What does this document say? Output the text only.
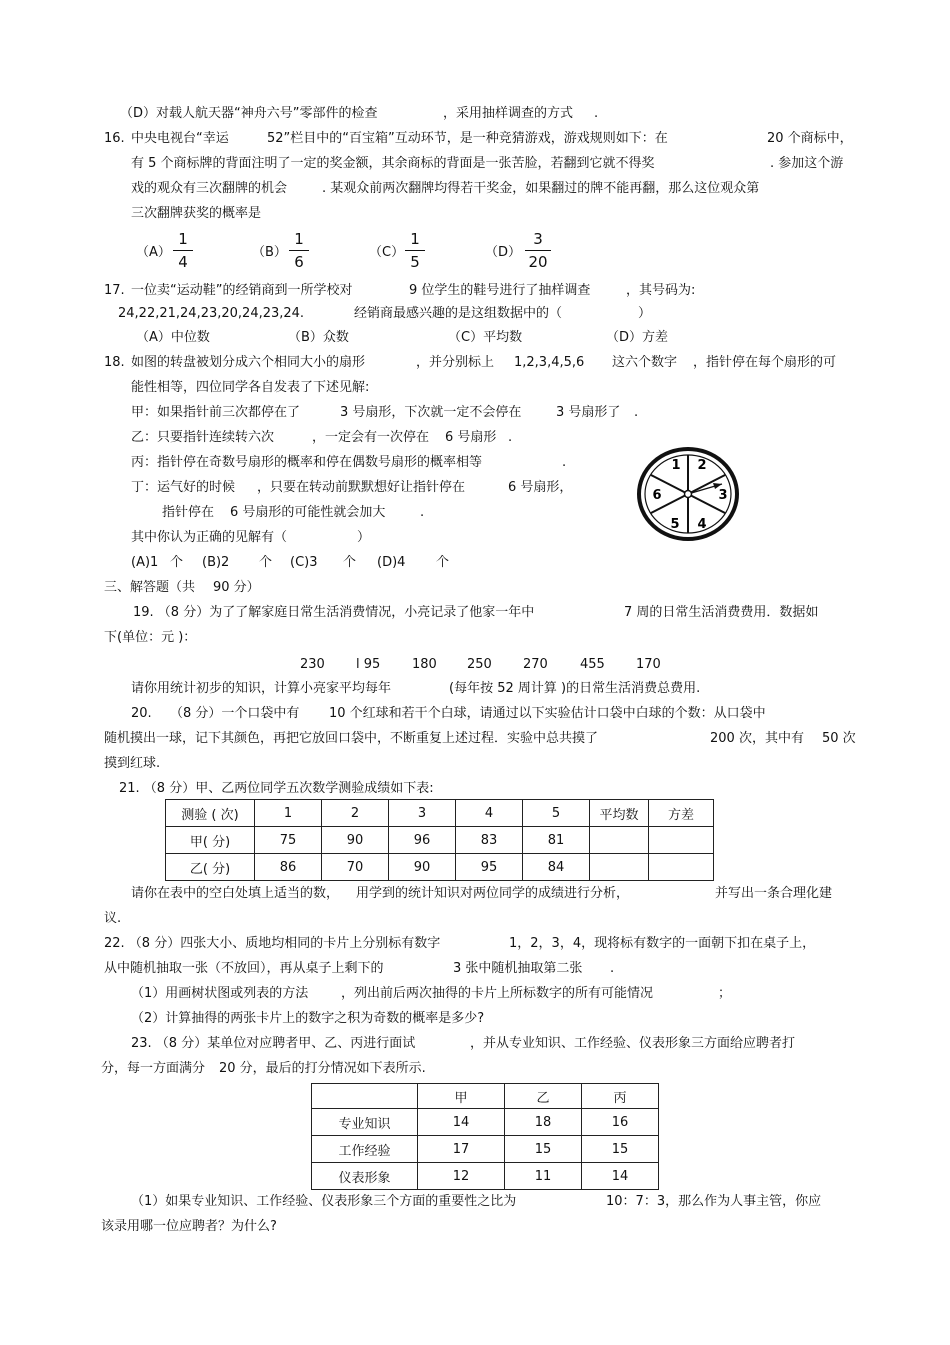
（D）对载人航天器“神舟六号”零部件的检查	，采用抽样调查的方式 .
16. 中央电视台“幸运	52”栏目中的“百宝箱”互动环节，是一种竞猜游戏，游戏规则如下：在	20 个商标中，
有 5 个商标牌的背面注明了一定的奖金额，其余商标的背面是一张苦脸，若翻到它就不得奖	. 参加这个游
戏的观众有三次翻牌的机会	. 某观众前两次翻牌均得若干奖金，如果翻过的牌不能再翻，那么这位观众第
三次翻牌获奖的概率是
（A）
1
4
（B）
1
6
（C）
1
5
（D）
3
20
17. 一位卖“运动鞋”的经销商到一所学校对	9 位学生的鞋号进行了抽样调查	，其号码为:
24,22,21,24,23,20,24,23,24.	经销商最感兴趣的是这组数据中的（	）
（A）中位数	（B）众数	（C）平均数	（D）方差
18. 如图的转盘被划分成六个相同大小的扇形	，并分别标上 1,2,3,4,5,6 这六个数字 ，指针停在每个扇形的可
能性相等，四位同学各自发表了下述见解:
甲：如果指针前三次都停在了	3 号扇形，下次就一定不会停在	3 号扇形了 .
乙：只要指针连续转六次	，一定会有一次停在 6 号扇形 .
丙：指针停在奇数号扇形的概率和停在偶数号扇形的概率相等	.
丁：运气好的时候 ，只要在转动前默默想好让指针停在	6 号扇形，
指针停在 6 号扇形的可能性就会加大	.
其中你认为正确的见解有（	）
(A)1 个 (B)2 个 (C)3 个 (D)4 个
1 2
3
4
5
6
三、解答题（共 90 分）
19. （8 分）为了了解家庭日常生活消费情况，小亮记录了他家一年中	7 周的日常生活消费费用．数据如
下(单位：元 )：
230 l 95 180 250 270 455 170
请你用统计初步的知识，计算小亮家平均每年	(每年按 52 周计算 )的日常生活消费总费用.
20. （8 分）一个口袋中有 10 个红球和若干个白球，请通过以下实验估计口袋中白球的个数：从口袋中
随机摸出一球，记下其颜色，再把它放回口袋中，不断重复上述过程．实验中总共摸了	200 次，其中有 50 次
摸到红球.
21. （8 分）甲、乙两位同学五次数学测验成绩如下表:
测验 ( 次)	1	2	3	4	5	平均数	方差
甲( 分)	75	90	96	83	81		
乙( 分)	86	70	90	95	84		
请你在表中的空白处填上适当的数， 用学到的统计知识对两位同学的成绩进行分析，	并写出一条合理化建
议.
22. （8 分）四张大小、质地均相同的卡片上分别标有数字	1，2，3，4，现将标有数字的一面朝下扣在桌子上，
从中随机抽取一张（不放回），再从桌子上剩下的	3 张中随机抽取第二张 .
（1）用画树状图或列表的方法	，列出前后两次抽得的卡片上所标数字的所有可能情况	；
（2）计算抽得的两张卡片上的数字之积为奇数的概率是多少?
23. （8 分）某单位对应聘者甲、乙、丙进行面试	，并从专业知识、工作经验、仪表形象三方面给应聘者打
分，每一方面满分 20 分，最后的打分情况如下表所示.
	甲	乙	丙
专业知识	14	18	16
工作经验	17	15	15
仪表形象	12	11	14
（1）如果专业知识、工作经验、仪表形象三个方面的重要性之比为	10：7：3，那么作为人事主管，你应
该录用哪一位应聘者？为什么?
